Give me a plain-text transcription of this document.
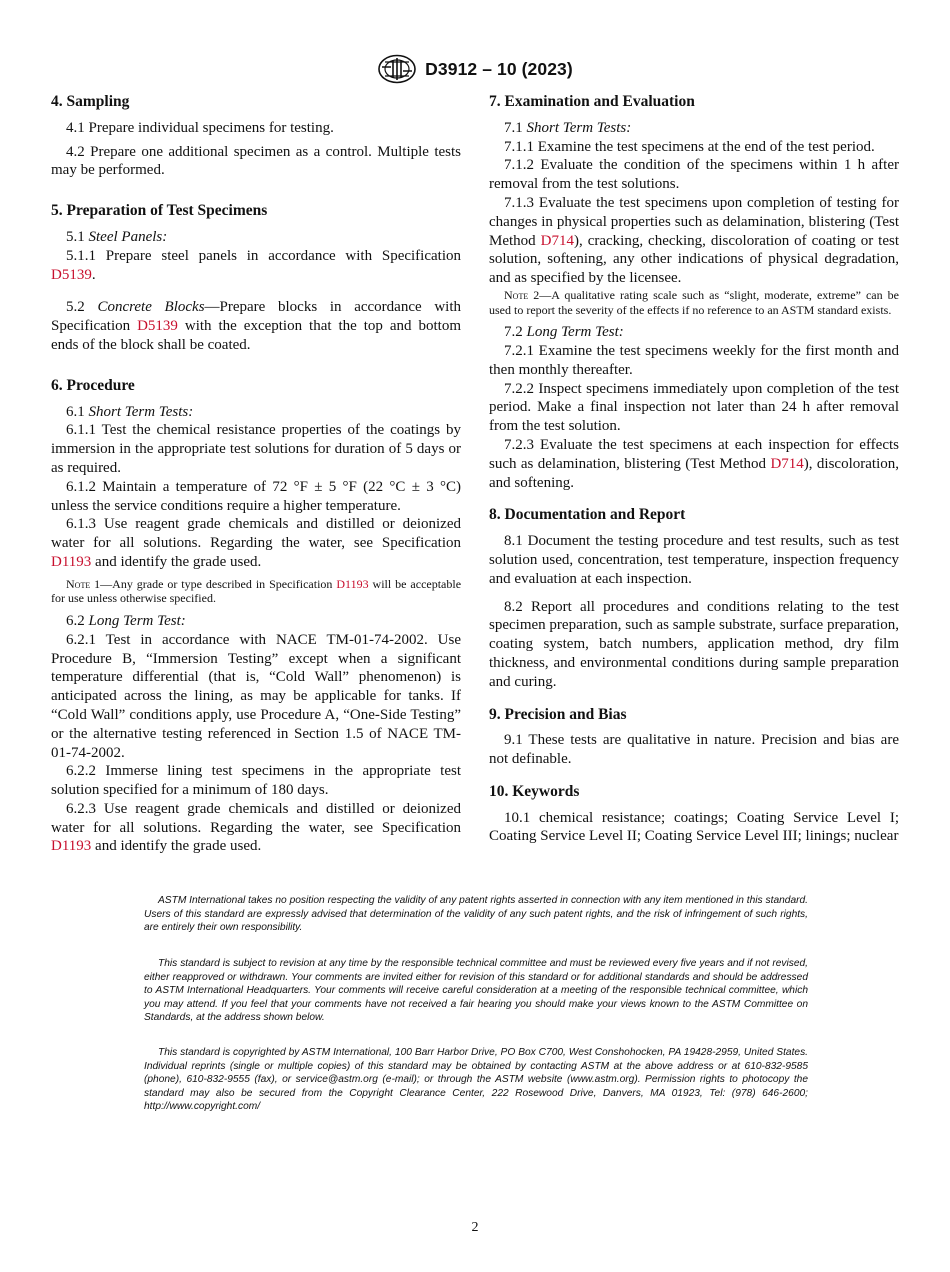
D3912 – 10 (2023)
4. Sampling

4.1 Prepare individual specimens for testing.

4.2 Prepare one additional specimen as a control. Multiple tests may be performed.

5. Preparation of Test Specimens

5.1 Steel Panels:

5.1.1 Prepare steel panels in accordance with Specification D5139.

5.2 Concrete Blocks—Prepare blocks in accordance with Specification D5139 with the exception that the top and bottom ends of the block shall be coated.

6. Procedure

6.1 Short Term Tests:

6.1.1 Test the chemical resistance properties of the coatings by immersion in the appropriate test solutions for duration of 5 days or as required.

6.1.2 Maintain a temperature of 72 °F ± 5 °F (22 °C ± 3 °C) unless the service conditions require a higher temperature.

6.1.3 Use reagent grade chemicals and distilled or deionized water for all solutions. Regarding the water, see Specification D1193 and identify the grade used.

Note 1—Any grade or type described in Specification D1193 will be acceptable for use unless otherwise specified.

6.2 Long Term Test:

6.2.1 Test in accordance with NACE TM-01-74-2002. Use Procedure B, “Immersion Testing” except when a significant temperature differential (that is, “Cold Wall” phenomenon) is anticipated across the lining, as may be applicable for tanks. If “Cold Wall” conditions apply, use Procedure A, “One-Side Testing” or the alternative testing referenced in Section 1.5 of NACE TM-01-74-2002.

6.2.2 Immerse lining test specimens in the appropriate test solution specified for a minimum of 180 days.

6.2.3 Use reagent grade chemicals and distilled or deionized water for all solutions. Regarding the water, see Specification D1193 and identify the grade used.

7. Examination and Evaluation

7.1 Short Term Tests:

7.1.1 Examine the test specimens at the end of the test period.

7.1.2 Evaluate the condition of the specimens within 1 h after removal from the test solutions.

7.1.3 Evaluate the test specimens upon completion of testing for changes in physical properties such as delamination, blistering (Test Method D714), cracking, checking, discoloration of coating or test solution, softening, any other indications of physical degradation, and as specified by the licensee.

Note 2—A qualitative rating scale such as “slight, moderate, extreme” can be used to report the severity of the effects if no reference to an ASTM standard exists.

7.2 Long Term Test:

7.2.1 Examine the test specimens weekly for the first month and then monthly thereafter.

7.2.2 Inspect specimens immediately upon completion of the test period. Make a final inspection not later than 24 h after removal from the test solution.

7.2.3 Evaluate the test specimens at each inspection for effects such as delamination, blistering (Test Method D714), discoloration, and softening.

8. Documentation and Report

8.1 Document the testing procedure and test results, such as test solution used, concentration, test temperature, inspection frequency and evaluation at each inspection.

8.2 Report all procedures and conditions relating to the test specimen preparation, such as sample substrate, surface preparation, coating system, batch numbers, application method, dry film thickness, and environmental conditions during sample preparation and curing.

9. Precision and Bias

9.1 These tests are qualitative in nature. Precision and bias are not definable.

10. Keywords

10.1 chemical resistance; coatings; Coating Service Level I; Coating Service Level II; Coating Service Level III; linings; nuclear

ASTM International takes no position respecting the validity of any patent rights asserted in connection with any item mentioned in this standard. Users of this standard are expressly advised that determination of the validity of any such patent rights, and the risk of infringement of such rights, are entirely their own responsibility.

This standard is subject to revision at any time by the responsible technical committee and must be reviewed every five years and if not revised, either reapproved or withdrawn. Your comments are invited either for revision of this standard or for additional standards and should be addressed to ASTM International Headquarters. Your comments will receive careful consideration at a meeting of the responsible technical committee, which you may attend. If you feel that your comments have not received a fair hearing you should make your views known to the ASTM Committee on Standards, at the address shown below.

This standard is copyrighted by ASTM International, 100 Barr Harbor Drive, PO Box C700, West Conshohocken, PA 19428-2959, United States. Individual reprints (single or multiple copies) of this standard may be obtained by contacting ASTM at the above address or at 610-832-9585 (phone), 610-832-9555 (fax), or service@astm.org (e-mail); or through the ASTM website (www.astm.org). Permission rights to photocopy the standard may also be secured from the Copyright Clearance Center, 222 Rosewood Drive, Danvers, MA 01923, Tel: (978) 646-2600; http://www.copyright.com/

2
